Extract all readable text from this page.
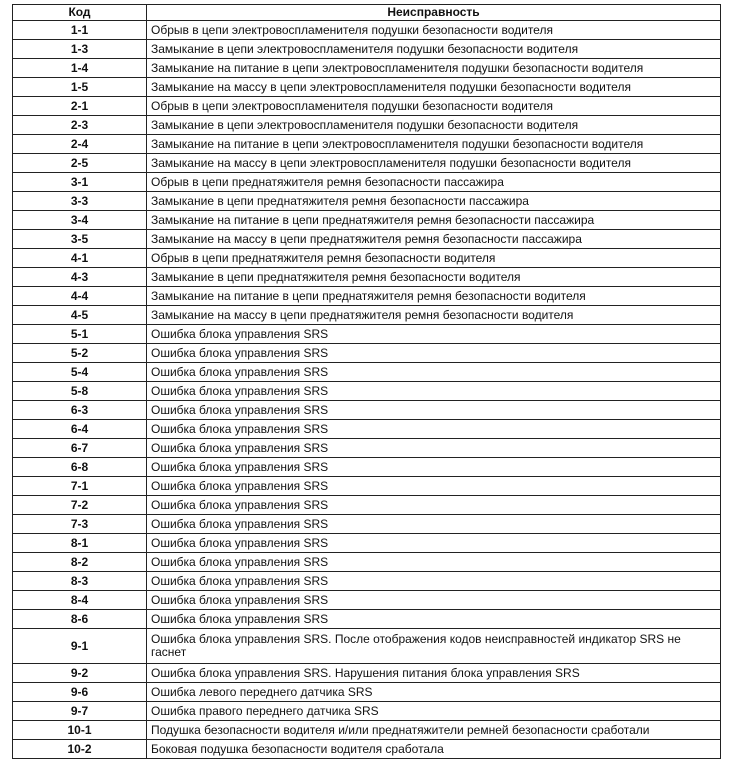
Код	Неисправность
1-1	Обрыв в цепи электровоспламенителя подушки безопасности водителя
1-3	Замыкание в цепи электровоспламенителя подушки безопасности водителя
1-4	Замыкание на питание в цепи электровоспламенителя подушки безопасности водителя
1-5	Замыкание на массу в цепи электровоспламенителя подушки безопасности водителя
2-1	Обрыв в цепи электровоспламенителя подушки безопасности водителя
2-3	Замыкание в цепи электровоспламенителя подушки безопасности водителя
2-4	Замыкание на питание в цепи электровоспламенителя подушки безопасности водителя
2-5	Замыкание на массу в цепи электровоспламенителя подушки безопасности водителя
3-1	Обрыв в цепи преднатяжителя ремня безопасности пассажира
3-3	Замыкание в цепи преднатяжителя ремня безопасности пассажира
3-4	Замыкание на питание в цепи преднатяжителя ремня безопасности пассажира
3-5	Замыкание на массу в цепи преднатяжителя ремня безопасности пассажира
4-1	Обрыв в цепи преднатяжителя ремня безопасности водителя
4-3	Замыкание в цепи преднатяжителя ремня безопасности водителя
4-4	Замыкание на питание в цепи преднатяжителя ремня безопасности водителя
4-5	Замыкание на массу в цепи преднатяжителя ремня безопасности водителя
5-1	Ошибка блока управления SRS
5-2	Ошибка блока управления SRS
5-4	Ошибка блока управления SRS
5-8	Ошибка блока управления SRS
6-3	Ошибка блока управления SRS
6-4	Ошибка блока управления SRS
6-7	Ошибка блока управления SRS
6-8	Ошибка блока управления SRS
7-1	Ошибка блока управления SRS
7-2	Ошибка блока управления SRS
7-3	Ошибка блока управления SRS
8-1	Ошибка блока управления SRS
8-2	Ошибка блока управления SRS
8-3	Ошибка блока управления SRS
8-4	Ошибка блока управления SRS
8-6	Ошибка блока управления SRS
9-1	Ошибка блока управления SRS. После отображения кодов неисправностей индикатор SRS не гаснет
9-2	Ошибка блока управления SRS. Нарушения питания блока управления SRS
9-6	Ошибка левого переднего датчика SRS
9-7	Ошибка правого переднего датчика SRS
10-1	Подушка безопасности водителя и/или преднатяжители ремней безопасности сработали
10-2	Боковая подушка безопасности водителя сработала
